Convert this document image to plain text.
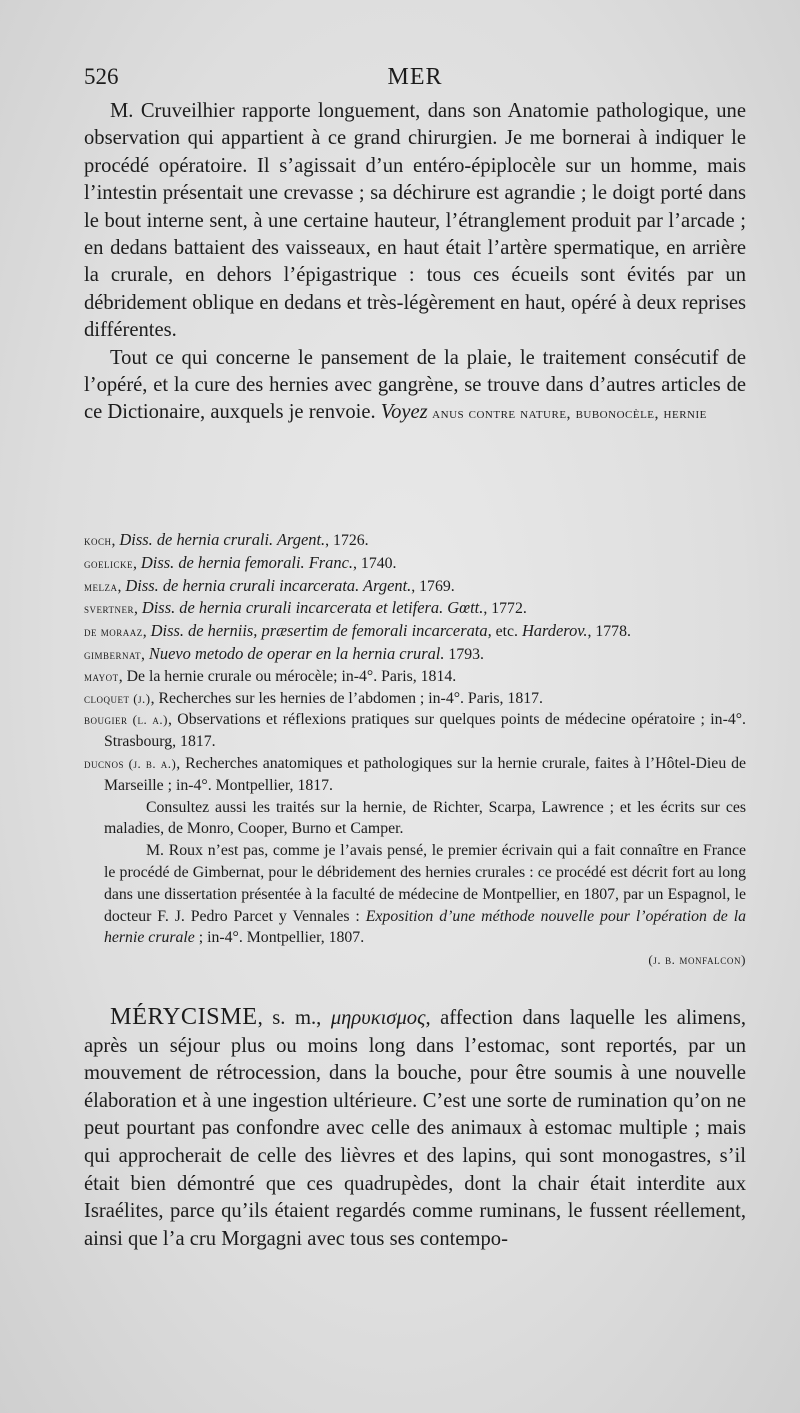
526	MER

M. Cruveilhier rapporte longuement, dans son Anatomie pathologique, une observation qui appartient à ce grand chirurgien. Je me bornerai à indiquer le procédé opératoire. Il s’agissait d’un entéro-épiplocèle sur un homme, mais l’intestin présentait une crevasse ; sa déchirure est agrandie ; le doigt porté dans le bout interne sent, à une certaine hauteur, l’étranglement produit par l’arcade ; en dedans battaient des vaisseaux, en haut était l’artère spermatique, en arrière la crurale, en dehors l’épigastrique : tous ces écueils sont évités par un débridement oblique en dedans et très-légèrement en haut, opéré à deux reprises différentes.

Tout ce qui concerne le pansement de la plaie, le traitement consécutif de l’opéré, et la cure des hernies avec gangrène, se trouve dans d’autres articles de ce Dictionaire, auxquels je renvoie. Voyez anus contre nature, bubonocèle, hernie

koch, Diss. de hernia crurali. Argent., 1726.

goelicke, Diss. de hernia femorali. Franc., 1740.

melza, Diss. de hernia crurali incarcerata. Argent., 1769.

svertner, Diss. de hernia crurali incarcerata et letifera. Gœtt., 1772.

de moraaz, Diss. de herniis, præsertim de femorali incarcerata, etc. Harderov., 1778.

gimbernat, Nuevo metodo de operar en la hernia crural. 1793.

mayot, De la hernie crurale ou mérocèle; in-4°. Paris, 1814.

cloquet (j.), Recherches sur les hernies de l’abdomen ; in-4°. Paris, 1817.

bougier (l. a.), Observations et réflexions pratiques sur quelques points de médecine opératoire ; in-4°. Strasbourg, 1817.

ducnos (j. b. a.), Recherches anatomiques et pathologiques sur la hernie crurale, faites à l’Hôtel-Dieu de Marseille ; in-4°. Montpellier, 1817.

Consultez aussi les traités sur la hernie, de Richter, Scarpa, Lawrence ; et les écrits sur ces maladies, de Monro, Cooper, Burno et Camper.

M. Roux n’est pas, comme je l’avais pensé, le premier écrivain qui a fait connaître en France le procédé de Gimbernat, pour le débridement des hernies crurales : ce procédé est décrit fort au long dans une dissertation présentée à la faculté de médecine de Montpellier, en 1807, par un Espagnol, le docteur F. J. Pedro Parcet y Vennales : Exposition d’une méthode nouvelle pour l’opération de la hernie crurale ; in-4°. Montpellier, 1807.

(j. b. monfalcon)

MÉRYCISME, s. m., μηρυκισμος, affection dans laquelle les alimens, après un séjour plus ou moins long dans l’estomac, sont reportés, par un mouvement de rétrocession, dans la bouche, pour être soumis à une nouvelle élaboration et à une ingestion ultérieure. C’est une sorte de rumination qu’on ne peut pourtant pas confondre avec celle des animaux à estomac multiple ; mais qui approcherait de celle des lièvres et des lapins, qui sont monogastres, s’il était bien démontré que ces quadrupèdes, dont la chair était interdite aux Israélites, parce qu’ils étaient regardés comme ruminans, le fussent réellement, ainsi que l’a cru Morgagni avec tous ses contempo-
